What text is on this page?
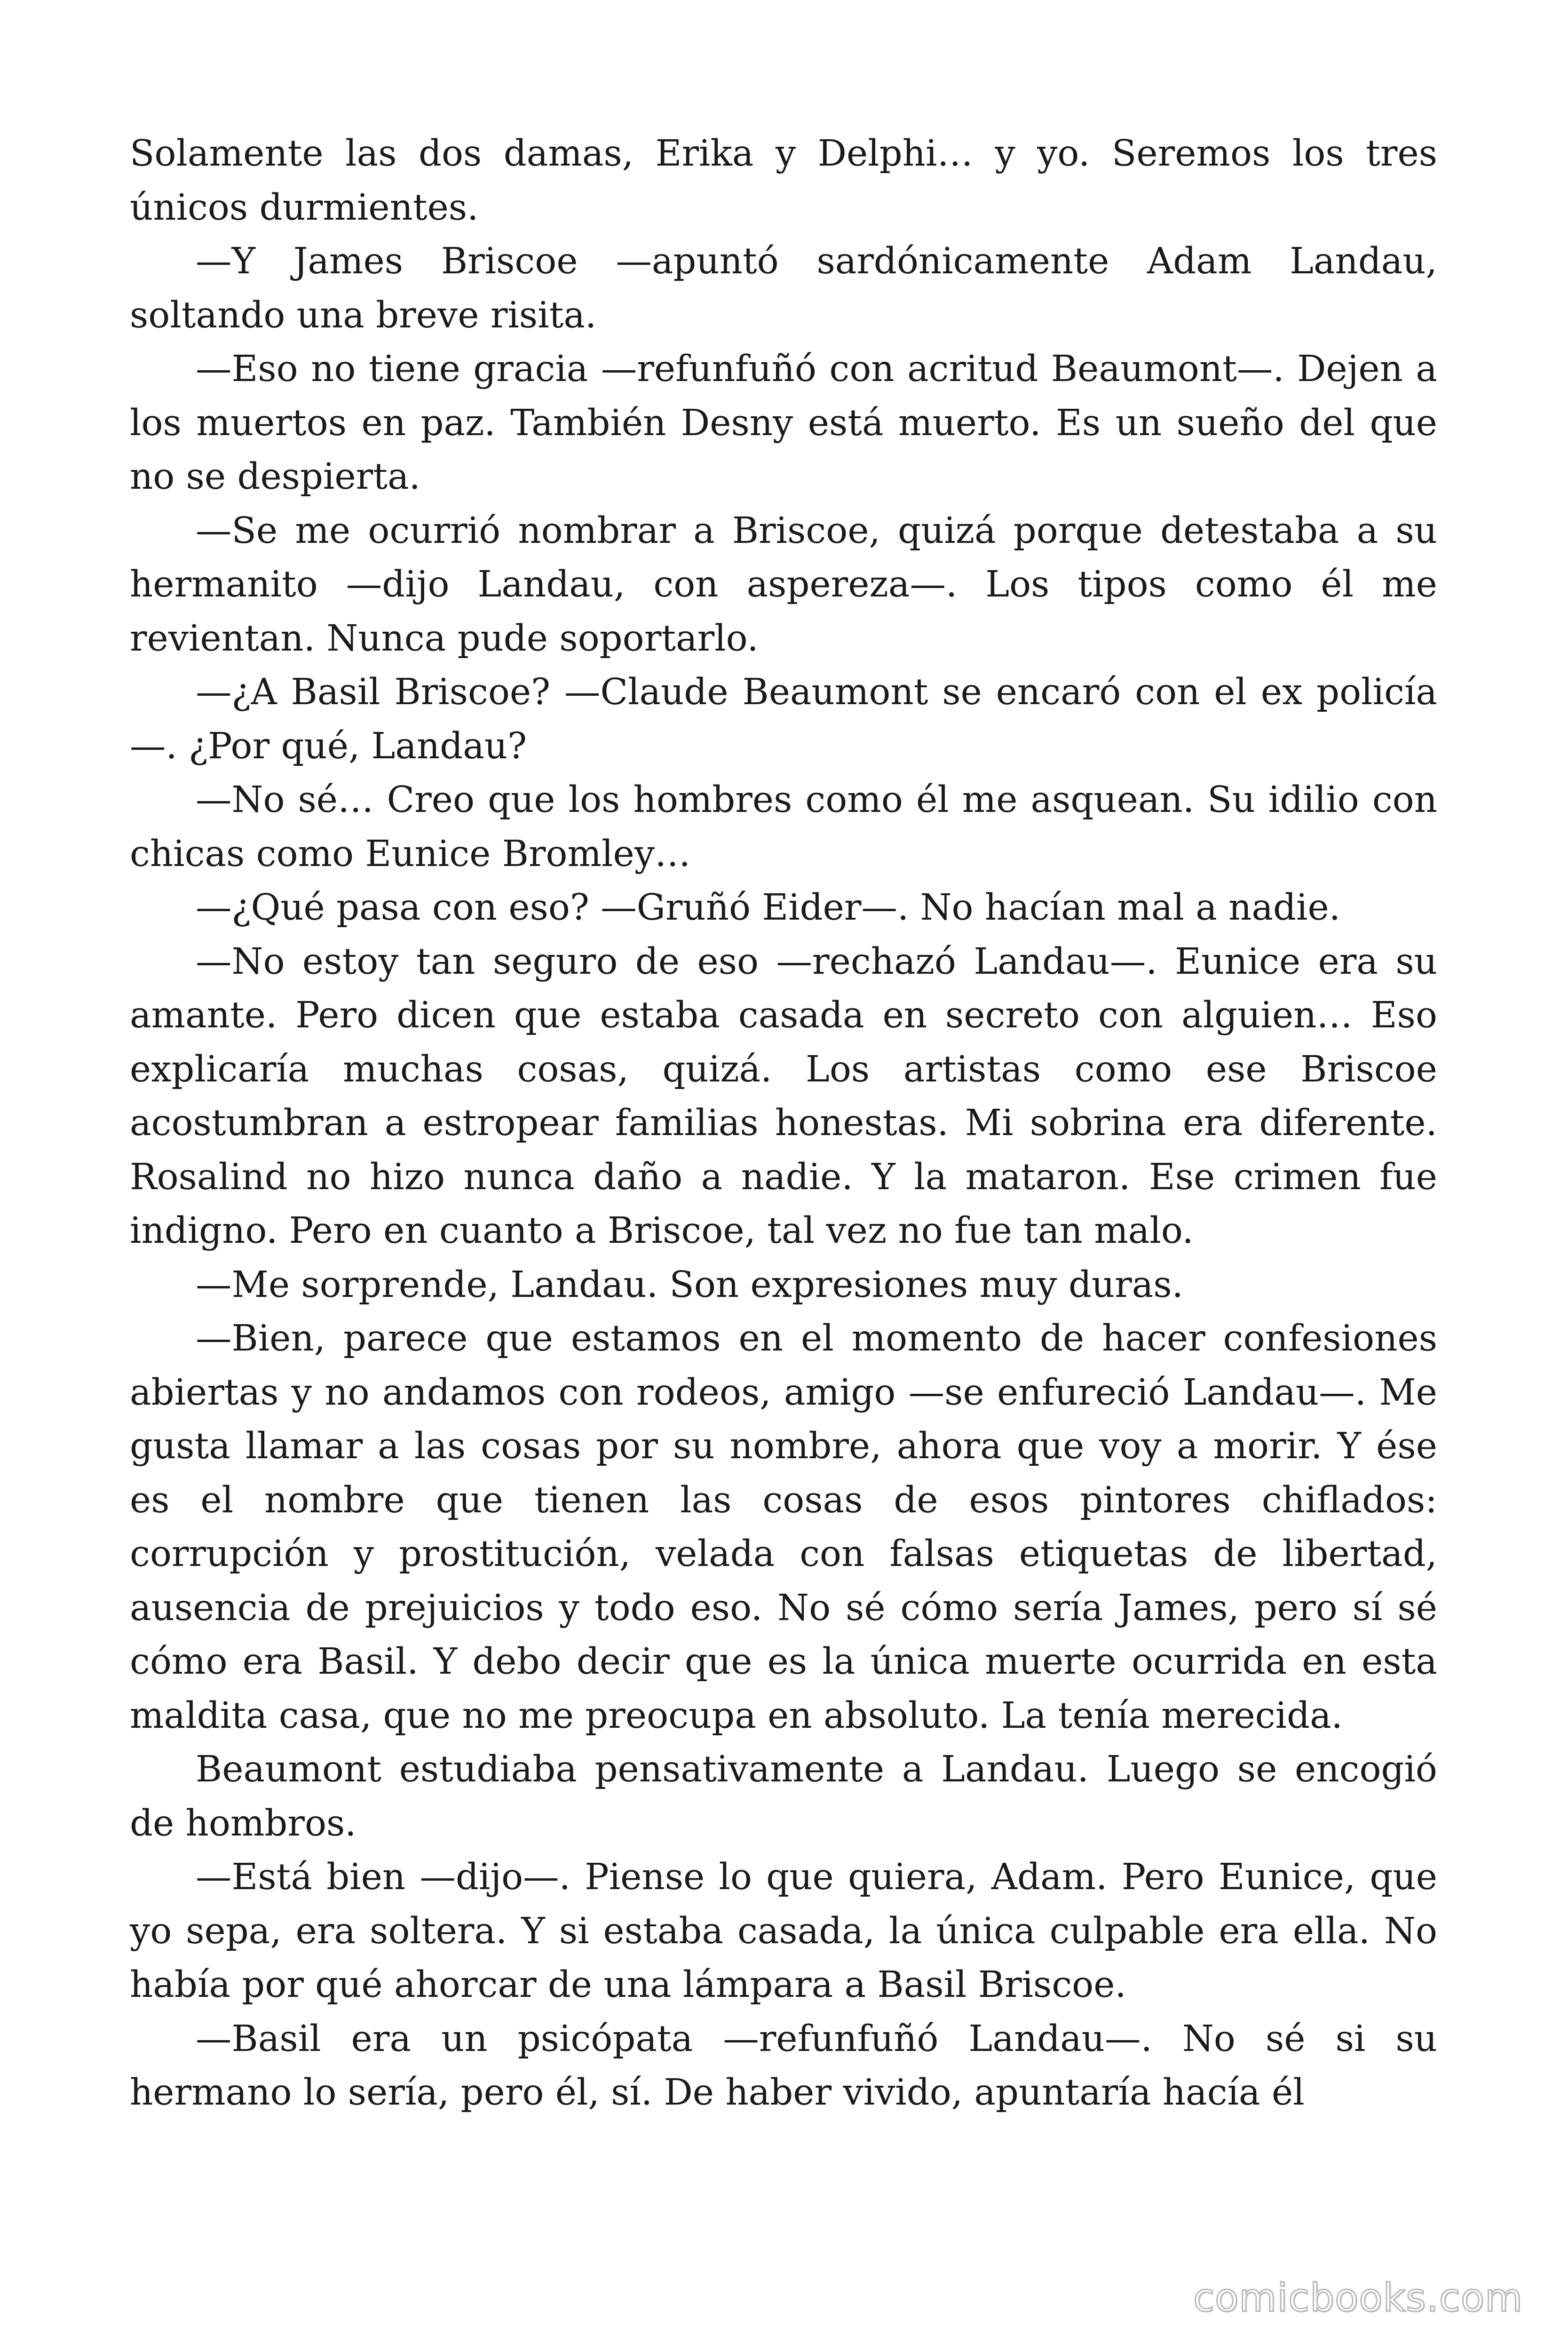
Solamente las dos damas, Erika y Delphi… y yo. Seremos los tres únicos durmientes.

—Y James Briscoe —apuntó sardónicamente Adam Landau, soltando una breve risita.

—Eso no tiene gracia —refunfuñó con acritud Beaumont—. Dejen a los muertos en paz. También Desny está muerto. Es un sueño del que no se despierta.

—Se me ocurrió nombrar a Briscoe, quizá porque detestaba a su hermanito —dijo Landau, con aspereza—. Los tipos como él me revientan. Nunca pude soportarlo.

—¿A Basil Briscoe? —Claude Beaumont se encaró con el ex policía—. ¿Por qué, Landau?

—No sé… Creo que los hombres como él me asquean. Su idilio con chicas como Eunice Bromley…

—¿Qué pasa con eso? —Gruñó Eider—. No hacían mal a nadie.

—No estoy tan seguro de eso —rechazó Landau—. Eunice era su amante. Pero dicen que estaba casada en secreto con alguien… Eso explicaría muchas cosas, quizá. Los artistas como ese Briscoe acostumbran a estropear familias honestas. Mi sobrina era diferente. Rosalind no hizo nunca daño a nadie. Y la mataron. Ese crimen fue indigno. Pero en cuanto a Briscoe, tal vez no fue tan malo.

—Me sorprende, Landau. Son expresiones muy duras.

—Bien, parece que estamos en el momento de hacer confesiones abiertas y no andamos con rodeos, amigo —se enfureció Landau—. Me gusta llamar a las cosas por su nombre, ahora que voy a morir. Y ése es el nombre que tienen las cosas de esos pintores chiflados: corrupción y prostitución, velada con falsas etiquetas de libertad, ausencia de prejuicios y todo eso. No sé cómo sería James, pero sí sé cómo era Basil. Y debo decir que es la única muerte ocurrida en esta maldita casa, que no me preocupa en absoluto. La tenía merecida.

Beaumont estudiaba pensativamente a Landau. Luego se encogió de hombros.

—Está bien —dijo—. Piense lo que quiera, Adam. Pero Eunice, que yo sepa, era soltera. Y si estaba casada, la única culpable era ella. No había por qué ahorcar de una lámpara a Basil Briscoe.

—Basil era un psicópata —refunfuñó Landau—. No sé si su hermano lo sería, pero él, sí. De haber vivido, apuntaría hacía él

comicbooks.com
